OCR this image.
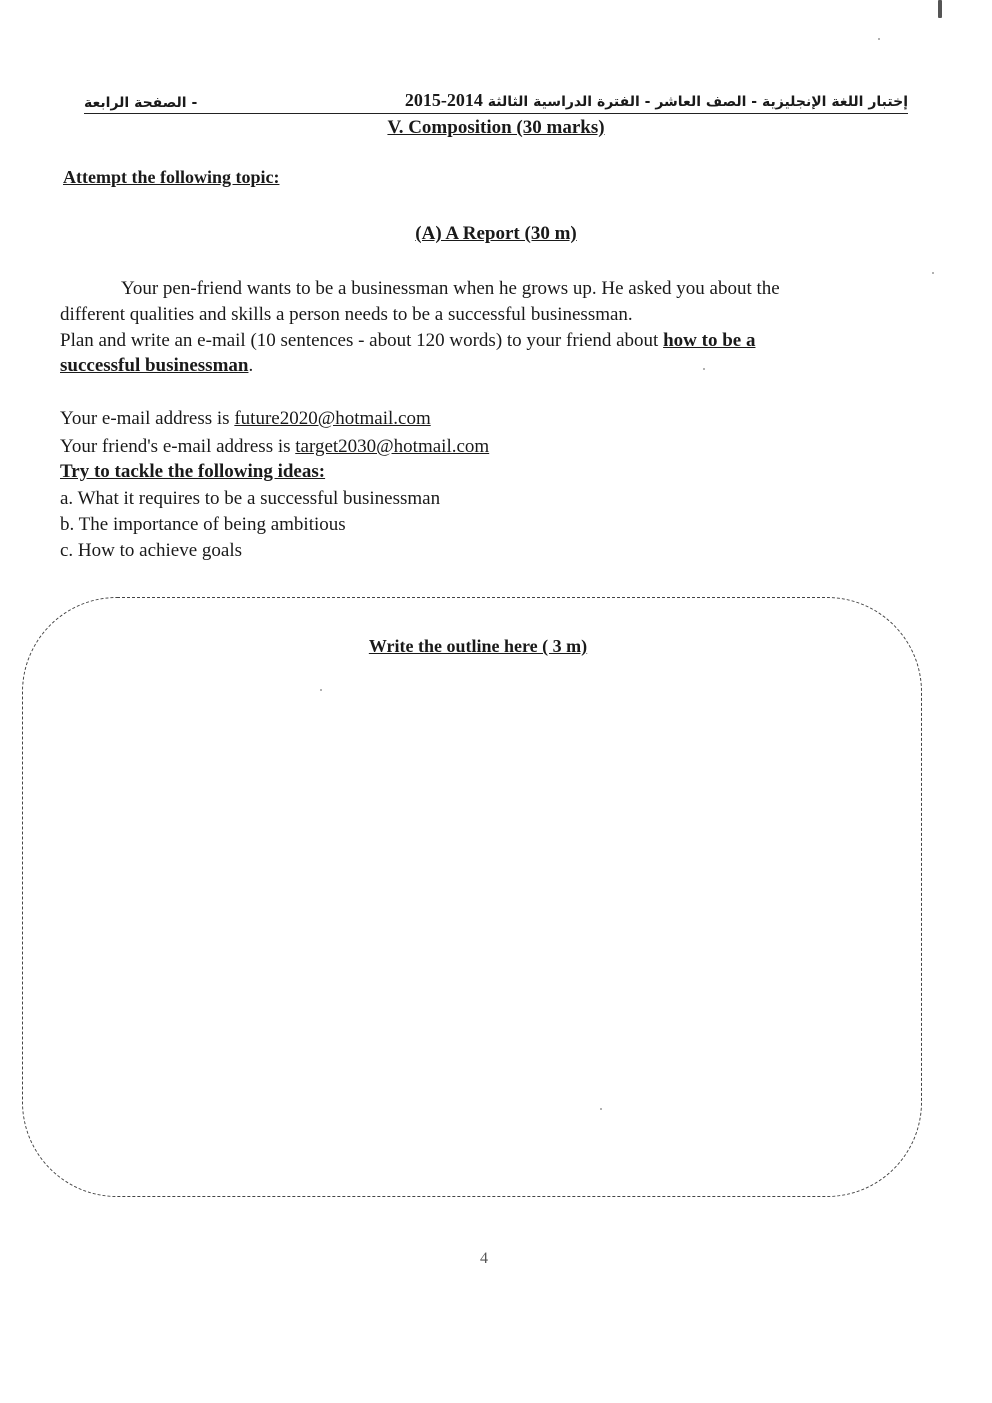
إختبار اللغة الإنجليزية - الصف العاشر - الفترة الدراسية الثالثة 2014-2015
- الصفحة الرابعة
V. Composition (30 marks)
Attempt the following topic:
(A) A Report (30 m)
Your pen-friend wants to be a businessman when he grows up. He asked you about the
different qualities and skills a person needs to be a successful businessman.
Plan and write an e-mail (10 sentences - about 120 words) to your friend about how to be a
successful businessman.
Your e-mail address is future2020@hotmail.com
Your friend's e-mail address is target2030@hotmail.com
Try to tackle the following ideas:
a. What it requires to be a successful businessman
b. The importance of being ambitious
c. How to achieve goals
Write the outline here ( 3 m)
4
